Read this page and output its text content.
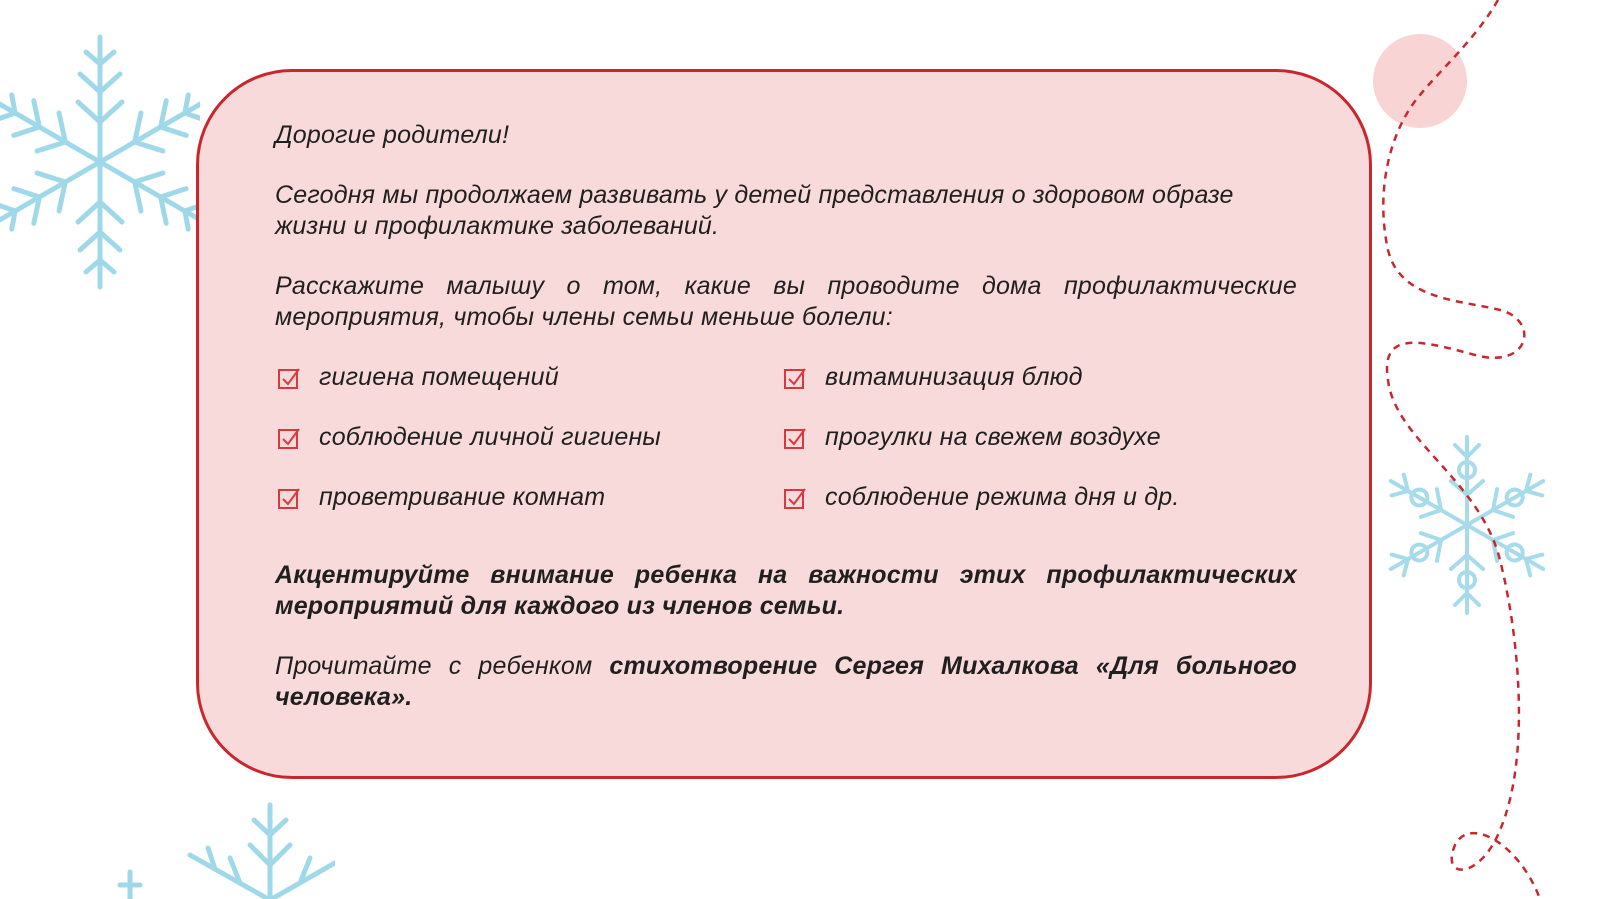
Дорогие родители!

Сегодня мы продолжаем развивать у детей представления о здоровом образе жизни и профилактике заболеваний.

Расскажите малышу о том, какие вы проводите дома профилактические мероприятия, чтобы члены семьи меньше болели:

гигиена помещений	витаминизация блюд
соблюдение личной гигиены	прогулки на свежем воздухе
проветривание комнат	соблюдение режима дня и др.

Акцентируйте внимание ребенка на важности этих профилактических мероприятий для каждого из членов семьи.

Прочитайте с ребенком стихотворение Сергея Михалкова «Для больного человека».
